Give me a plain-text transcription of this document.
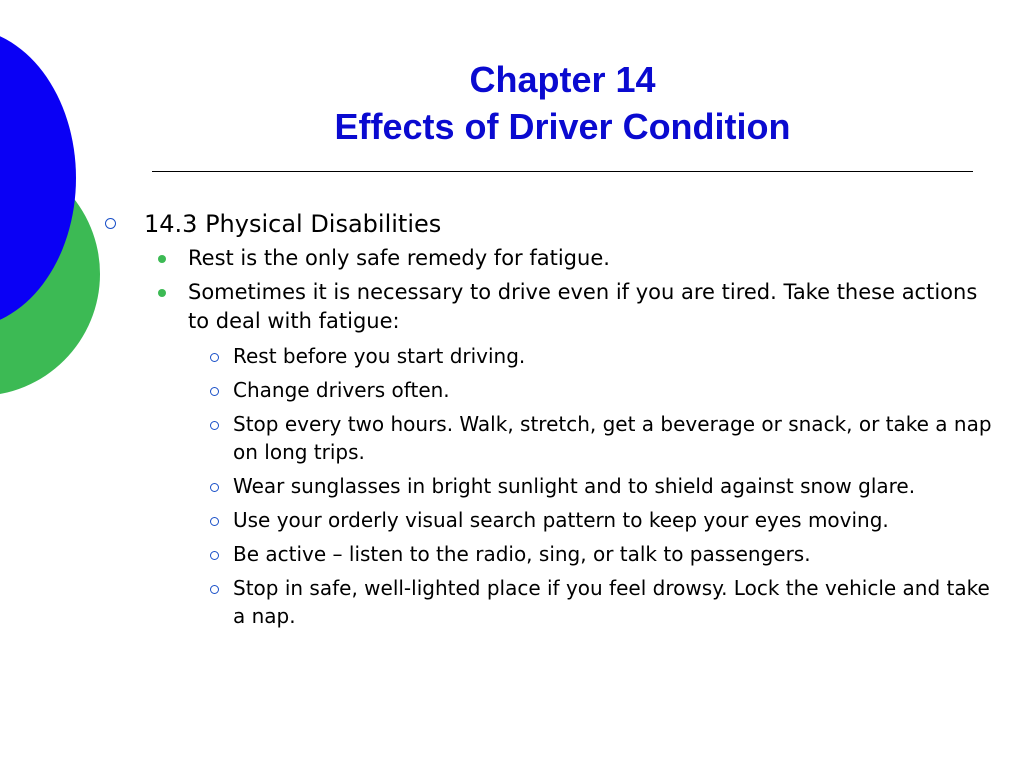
Chapter 14
Effects of Driver Condition
14.3 Physical Disabilities
Rest is the only safe remedy for fatigue.
Sometimes it is necessary to drive even if you are tired. Take these actions to deal with fatigue:
Rest before you start driving.
Change drivers often.
Stop every two hours. Walk, stretch, get a beverage or snack, or take a nap on long trips.
Wear sunglasses in bright sunlight and to shield against snow glare.
Use your orderly visual search pattern to keep your eyes moving.
Be active – listen to the radio, sing, or talk to passengers.
Stop in safe, well-lighted place if you feel drowsy. Lock the vehicle and take a nap.
